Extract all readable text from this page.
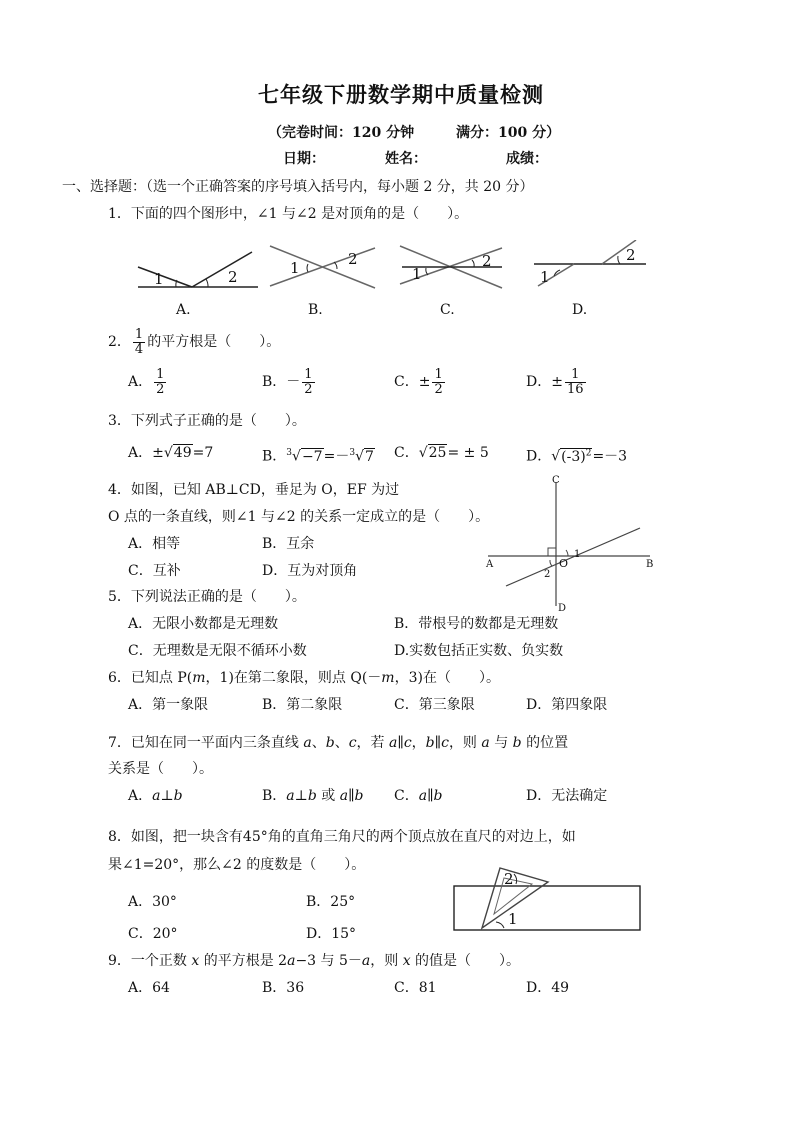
七年级下册数学期中质量检测
（完卷时间：120 分钟	满分：100 分）
日期：	姓名：	成绩：
一、选择题：（选一个正确答案的序号填入括号内，每小题 2 分，共 20 分）
1．下面的四个图形中，∠1 与∠2 是对顶角的是（　　）。
1	2	1	2
1
2
1
2
A.	B.	C.	D.
2． $\frac{1}{4}$ 的平方根是（　　）。
A． $\frac{1}{2}$	B．－ $\frac{1}{2}$	C．± $\frac{1}{2}$	D．± $\frac{1}{16}$
3．下列式子正确的是（　　）。
A．±√49=7	B．$^3$√−7=－$^3$√7 C．√25= ± 5	D．$√(-3)^2=-3$
4．如图，已知 AB⊥CD，垂足为 O，EF 为过
O 点的一条直线，则∠1 与∠2 的关系一定成立的是（　　）。
A．相等	B．互余
C．互补	D．互为对顶角
C
D
A	B
O
1
2
5．下列说法正确的是（　　）。
A．无限小数都是无理数	B．带根号的数都是无理数
C．无理数是无限不循环小数	D.实数包括正实数、负实数
6．已知点 P(m，1)在第二象限，则点 Q(－m，3)在（　　）。
A．第一象限	B．第二象限	C．第三象限	D．第四象限
7．已知在同一平面内三条直线 a、b、c，若 a∥c，b∥c，则 a 与 b 的位置
关系是（　　）。
A．a⊥b	B．a⊥b 或 a∥b C．a∥b	D．无法确定
8．如图，把一块含有45°角的直角三角尺的两个顶点放在直尺的对边上，如
果∠1=20°，那么∠2 的度数是（　　）。
A．30°	B．25°
C．20°	D．15°
2
1
9．一个正数 x 的平方根是 2a−3 与 5－a，则 x 的值是（　　）。
A．64	B．36	C．81	D．49
